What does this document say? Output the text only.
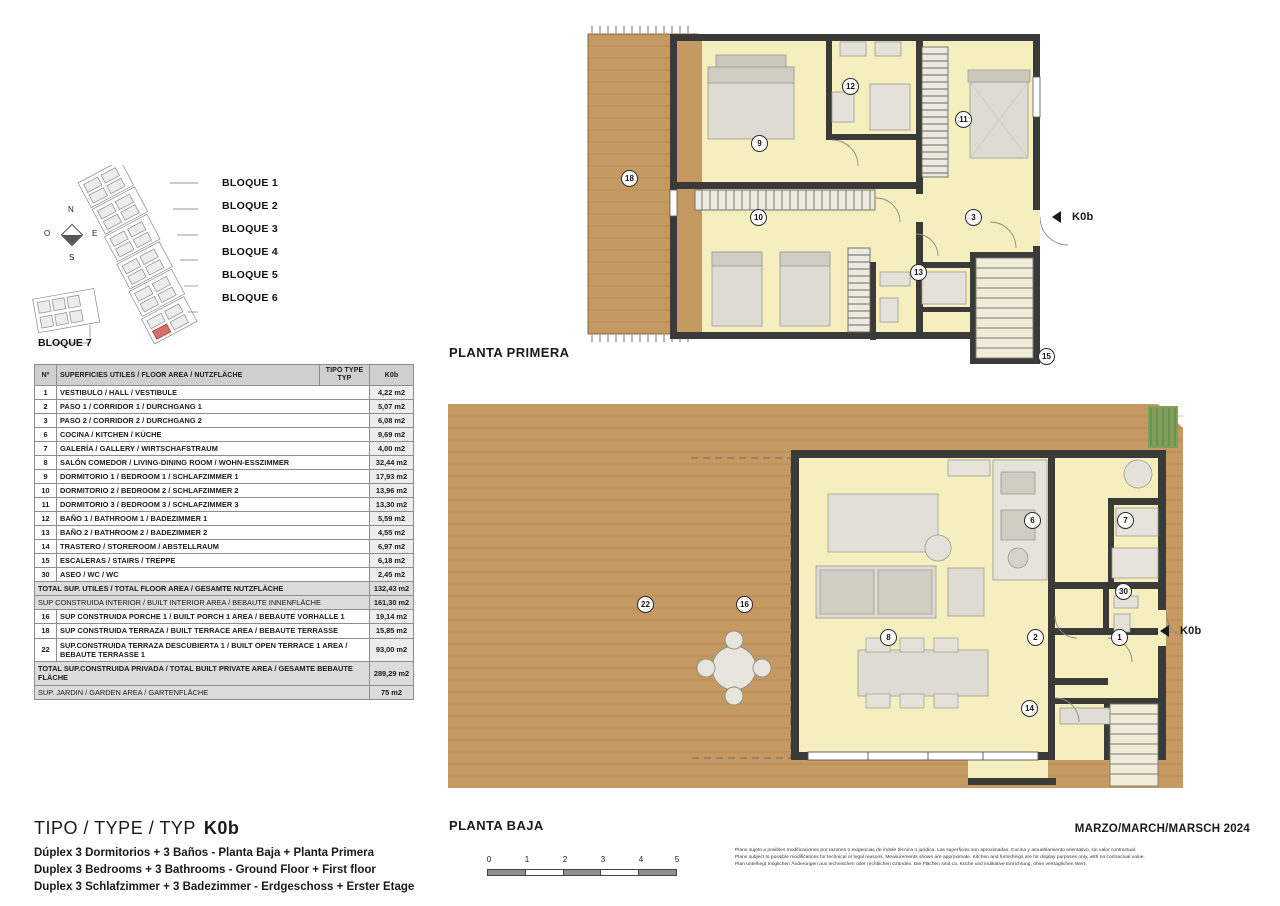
N
S
E
O
BLOQUE 1
BLOQUE 2
BLOQUE 3
BLOQUE 4
BLOQUE 5
BLOQUE 6
BLOQUE 7
Nº	SUPERFICIES UTILES / FLOOR AREA / NUTZFLÄCHE	TIPO TYPE TYP	K0b
1	VESTIBULO / HALL / VESTIBULE		4,22 m2
2	PASO 1 / CORRIDOR 1 / DURCHGANG 1		5,07 m2
3	PASO 2 / CORRIDOR 2 / DURCHGANG 2		6,08 m2
6	COCINA / KITCHEN / KÜCHE		9,69 m2
7	GALERÍA / GALLERY / WIRTSCHAFSTRAUM		4,00 m2
8	SALÓN COMEDOR / LIVING-DINING ROOM / WOHN-ESSZIMMER		32,44 m2
9	DORMITORIO 1 / BEDROOM 1 / SCHLAFZIMMER 1		17,93 m2
10	DORMITORIO 2 / BEDROOM 2 / SCHLAFZIMMER 2		13,96 m2
11	DORMITORIO 3 / BEDROOM 3 / SCHLAFZIMMER 3		13,30 m2
12	BAÑO 1 / BATHROOM 1 / BADEZIMMER 1		5,59 m2
13	BAÑO 2 / BATHROOM 2 / BADEZIMMER 2		4,55 m2
14	TRASTERO / STOREROOM / ABSTELLRAUM		6,97 m2
15	ESCALERAS / STAIRS / TREPPE		6,18 m2
30	ASEO / WC / WC		2,45 m2
TOTAL SUP. UTILES / TOTAL FLOOR AREA / GESAMTE NUTZFLÄCHE			132,43 m2
SUP CONSTRUIDA INTERIOR / BUILT INTERIOR AREA / BEBAUTE INNENFLÄCHE			161,30 m2
16	SUP CONSTRUIDA PORCHE 1 / BUILT PORCH 1 AREA / BEBAUTE VORHALLE 1		19,14 m2
18	SUP CONSTRUIDA TERRAZA / BUILT TERRACE AREA / BEBAUTE TERRASSE		15,85 m2
22	SUP.CONSTRUIDA TERRAZA DESCUBIERTA 1 / BUILT OPEN TERRACE 1 AREA / BEBAUTE TERRASSE 1		93,00 m2
TOTAL SUP.CONSTRUIDA PRIVADA / TOTAL BUILT PRIVATE AREA / GESAMTE BEBAUTE FLÄCHE			289,29 m2
SUP. JARDIN / GARDEN AREA / GARTENFLÄCHE			75 m2
9
12
11
18
10	3
13
15
K0b
PLANTA PRIMERA
22	16
8	2
6	7
30
1
14
K0b
PLANTA BAJA
TIPO / TYPE / TYP K0b
Dúplex 3 Dormitorios + 3 Baños - Planta Baja + Planta Primera
Duplex 3 Bedrooms + 3 Bathrooms - Ground Floor + First floor
Duplex 3 Schlafzimmer + 3 Badezimmer - Erdgeschoss + Erster Etage
MARZO/MARCH/MARSCH 2024
Plano sujeto a posibles modificaciones por razones o exigencias de índole técnica o jurídica. Las superficies son aproximadas. Cocina y amueblamiento orientativo, sin valor contractual.
Plans subject to possible modifications for technical or legal reasons. Measurements shown are approximate. Kitchen and furnishings are for display purposes only, with no contractual value.
Plan unterliegt möglichen Änderungen aus technischen oder rechtlichen Gründen. Die Flächen sind ca. Küche und indikative Einrichtung, ohne vertraglichen Wert.
0	1	2	3	4	5
